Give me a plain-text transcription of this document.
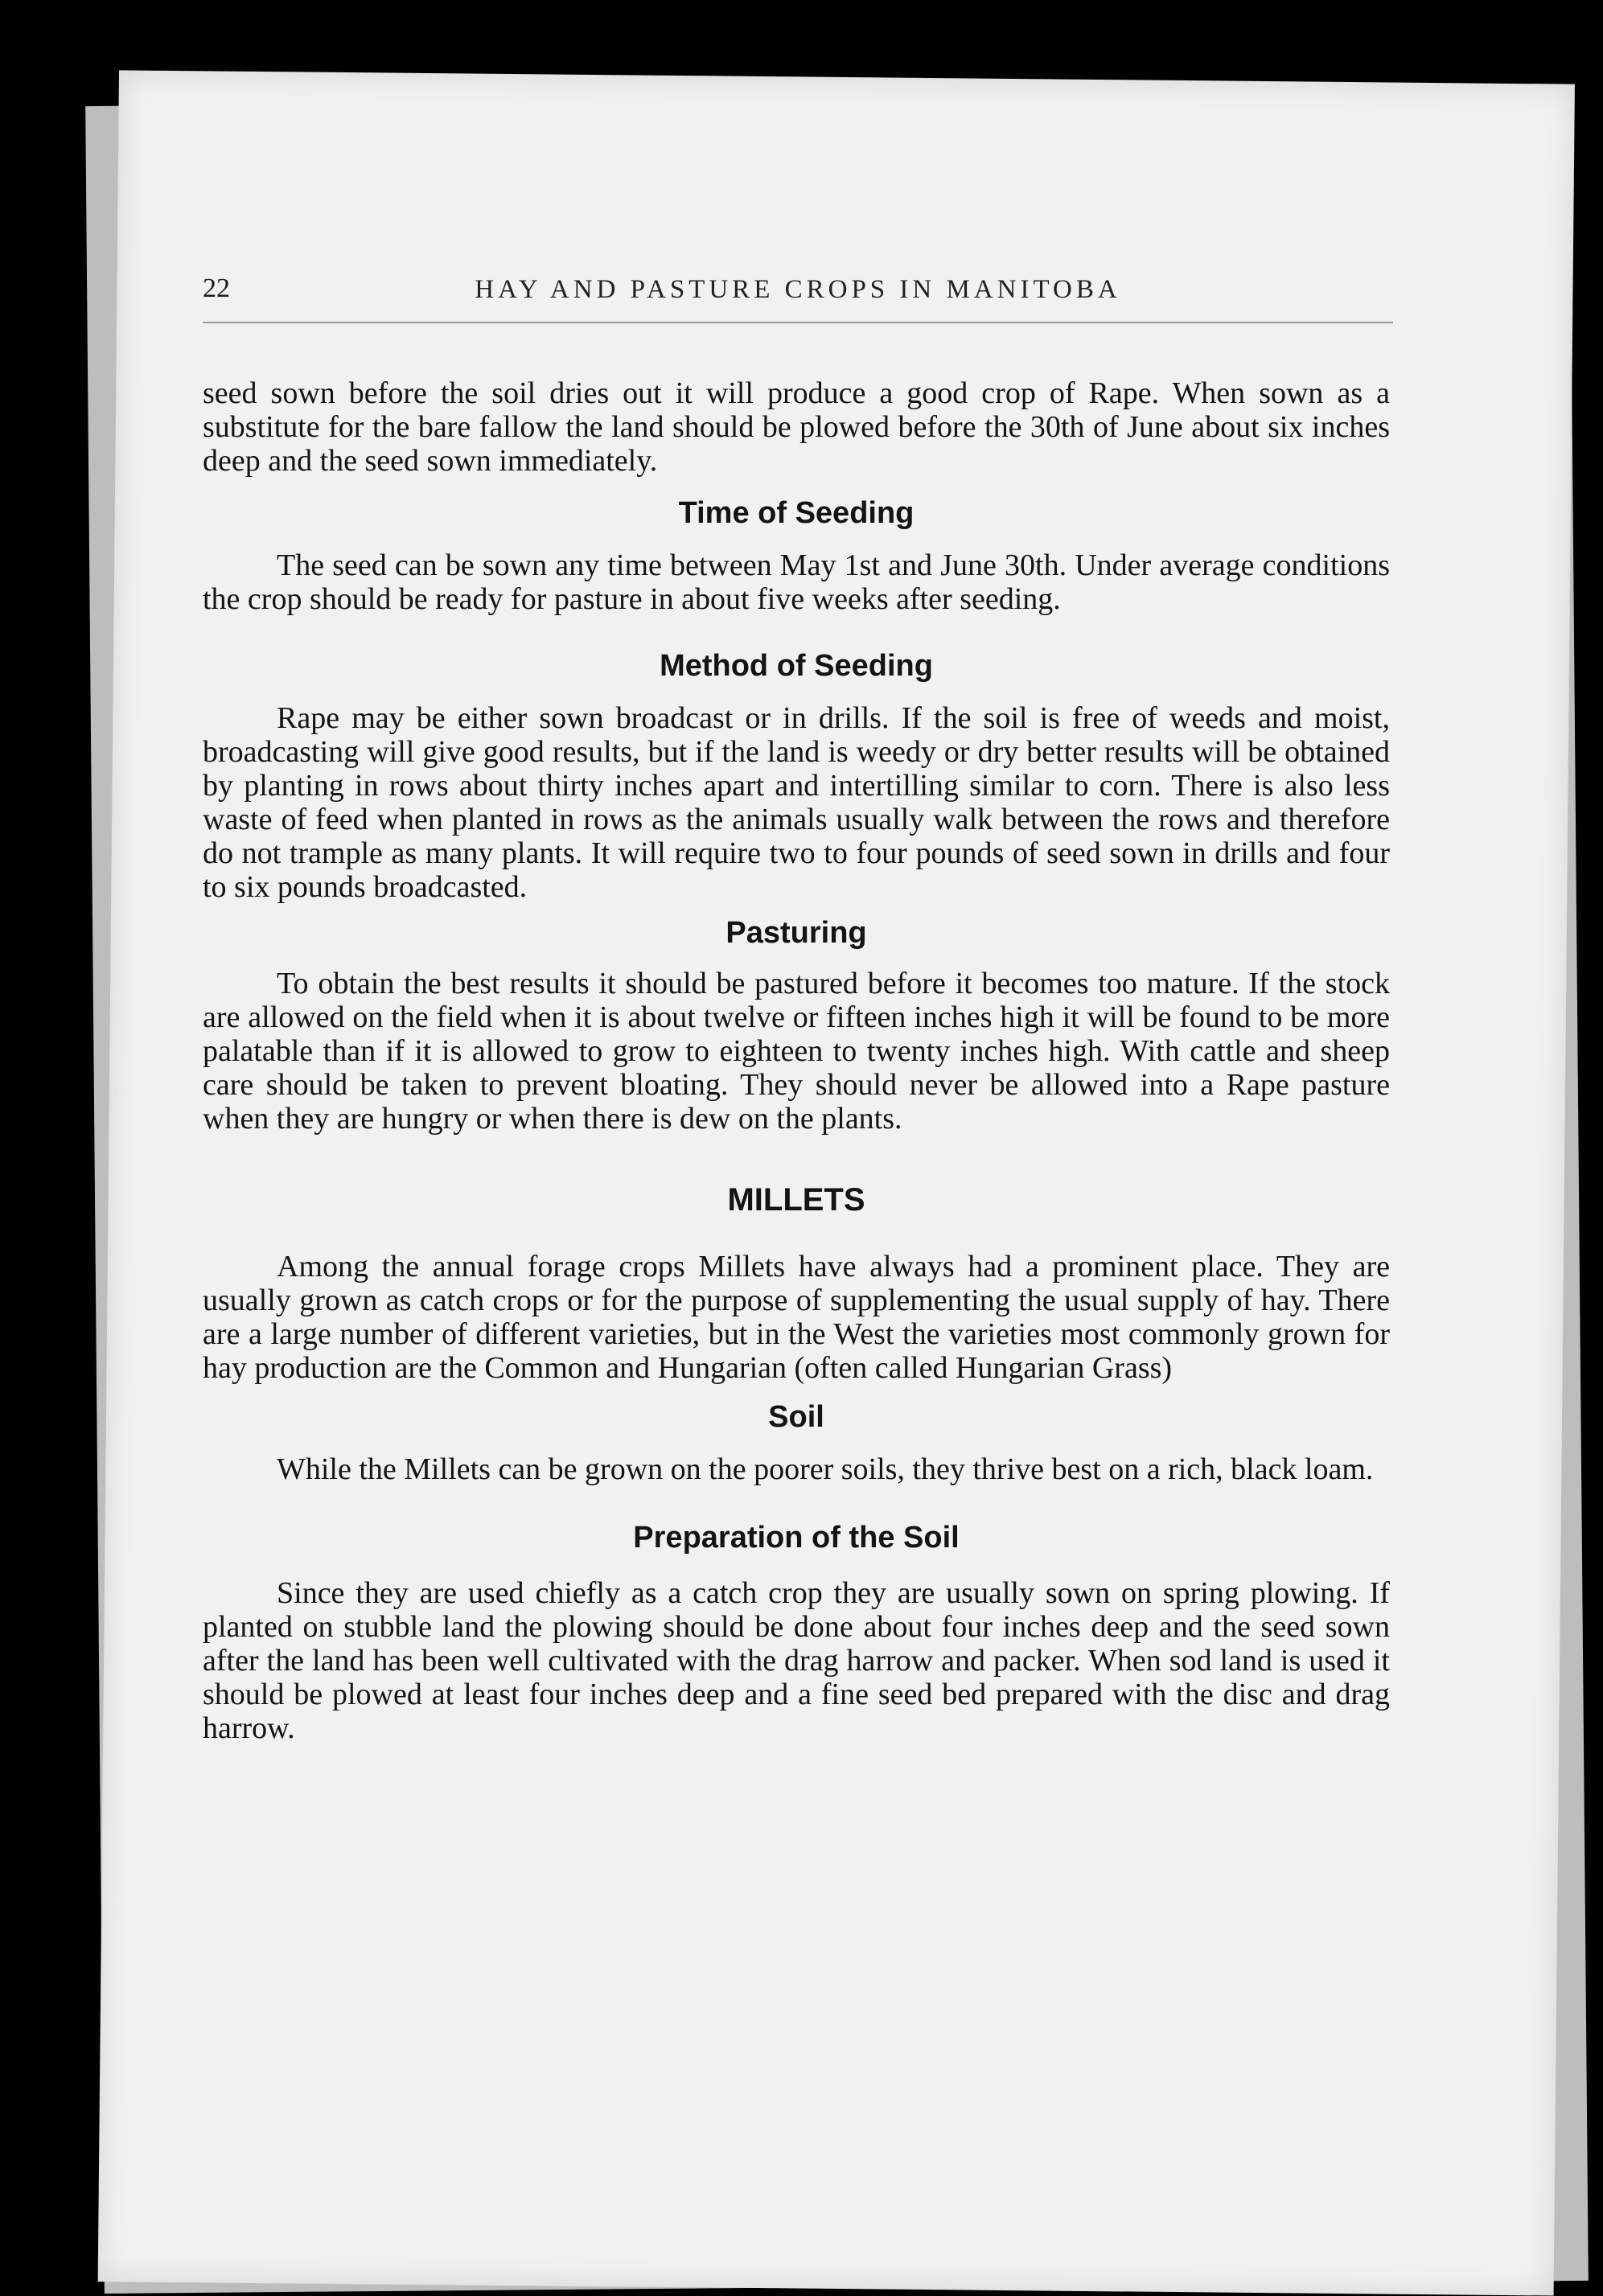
22	HAY AND PASTURE CROPS IN MANITOBA

seed sown before the soil dries out it will produce a good crop of Rape. When sown as a substitute for the bare fallow the land should be plowed before the 30th of June about six inches deep and the seed sown immediately.

Time of Seeding

The seed can be sown any time between May 1st and June 30th. Under average conditions the crop should be ready for pasture in about five weeks after seeding.

Method of Seeding

Rape may be either sown broadcast or in drills. If the soil is free of weeds and moist, broadcasting will give good results, but if the land is weedy or dry better results will be obtained by planting in rows about thirty inches apart and intertilling similar to corn. There is also less waste of feed when planted in rows as the animals usually walk between the rows and therefore do not trample as many plants. It will require two to four pounds of seed sown in drills and four to six pounds broadcasted.

Pasturing

To obtain the best results it should be pastured before it becomes too mature. If the stock are allowed on the field when it is about twelve or fifteen inches high it will be found to be more palatable than if it is allowed to grow to eighteen to twenty inches high. With cattle and sheep care should be taken to prevent bloating. They should never be allowed into a Rape pasture when they are hungry or when there is dew on the plants.

MILLETS

Among the annual forage crops Millets have always had a prominent place. They are usually grown as catch crops or for the purpose of supplementing the usual supply of hay. There are a large number of different varieties, but in the West the varieties most commonly grown for hay production are the Common and Hungarian (often called Hungarian Grass)

Soil

While the Millets can be grown on the poorer soils, they thrive best on a rich, black loam.

Preparation of the Soil

Since they are used chiefly as a catch crop they are usually sown on spring plowing. If planted on stubble land the plowing should be done about four inches deep and the seed sown after the land has been well cultivated with the drag harrow and packer. When sod land is used it should be plowed at least four inches deep and a fine seed bed prepared with the disc and drag harrow.
